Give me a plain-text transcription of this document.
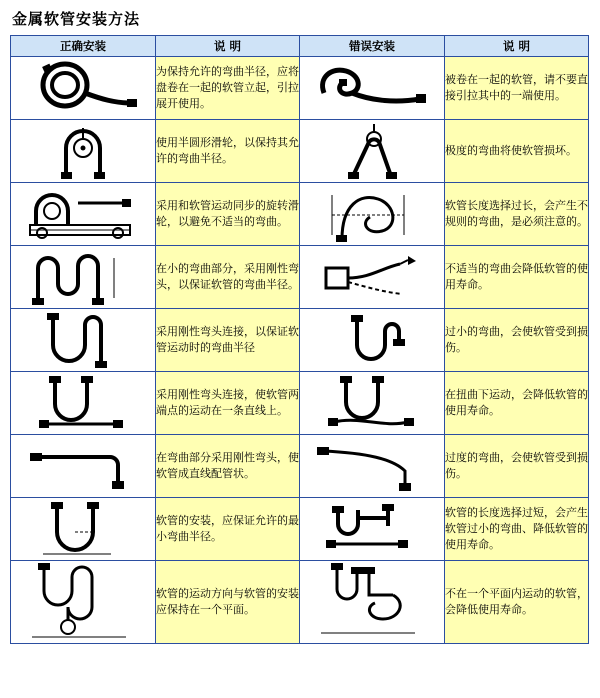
金属软管安装方法
正确安装	说 明	错误安装	说 明

	为保持允许的弯曲半径，应将盘卷在一起的软管立起，引拉展开使用。		被卷在一起的软管，请不要直接引拉其中的一端使用。

	使用半圆形滑轮，以保持其允许的弯曲半径。		极度的弯曲将使软管损坏。

	采用和软管运动同步的旋转滑轮，以避免不适当的弯曲。		软管长度选择过长，会产生不规则的弯曲，是必须注意的。

	在小的弯曲部分，采用刚性弯头，以保证软管的弯曲半径。		不适当的弯曲会降低软管的使用寿命。

	采用刚性弯头连接，以保证软管运动时的弯曲半径		过小的弯曲，会使软管受到损伤。

	采用刚性弯头连接，使软管两端点的运动在一条直线上。		在扭曲下运动，会降低软管的使用寿命。

	在弯曲部分采用刚性弯头，使软管成直线配管状。		过度的弯曲，会使软管受到损伤。

	软管的安装，应保证允许的最小弯曲半径。		软管的长度选择过短，会产生软管过小的弯曲、降低软管的使用寿命。

	软管的运动方向与软管的安装应保持在一个平面。		不在一个平面内运动的软管，会降低使用寿命。
